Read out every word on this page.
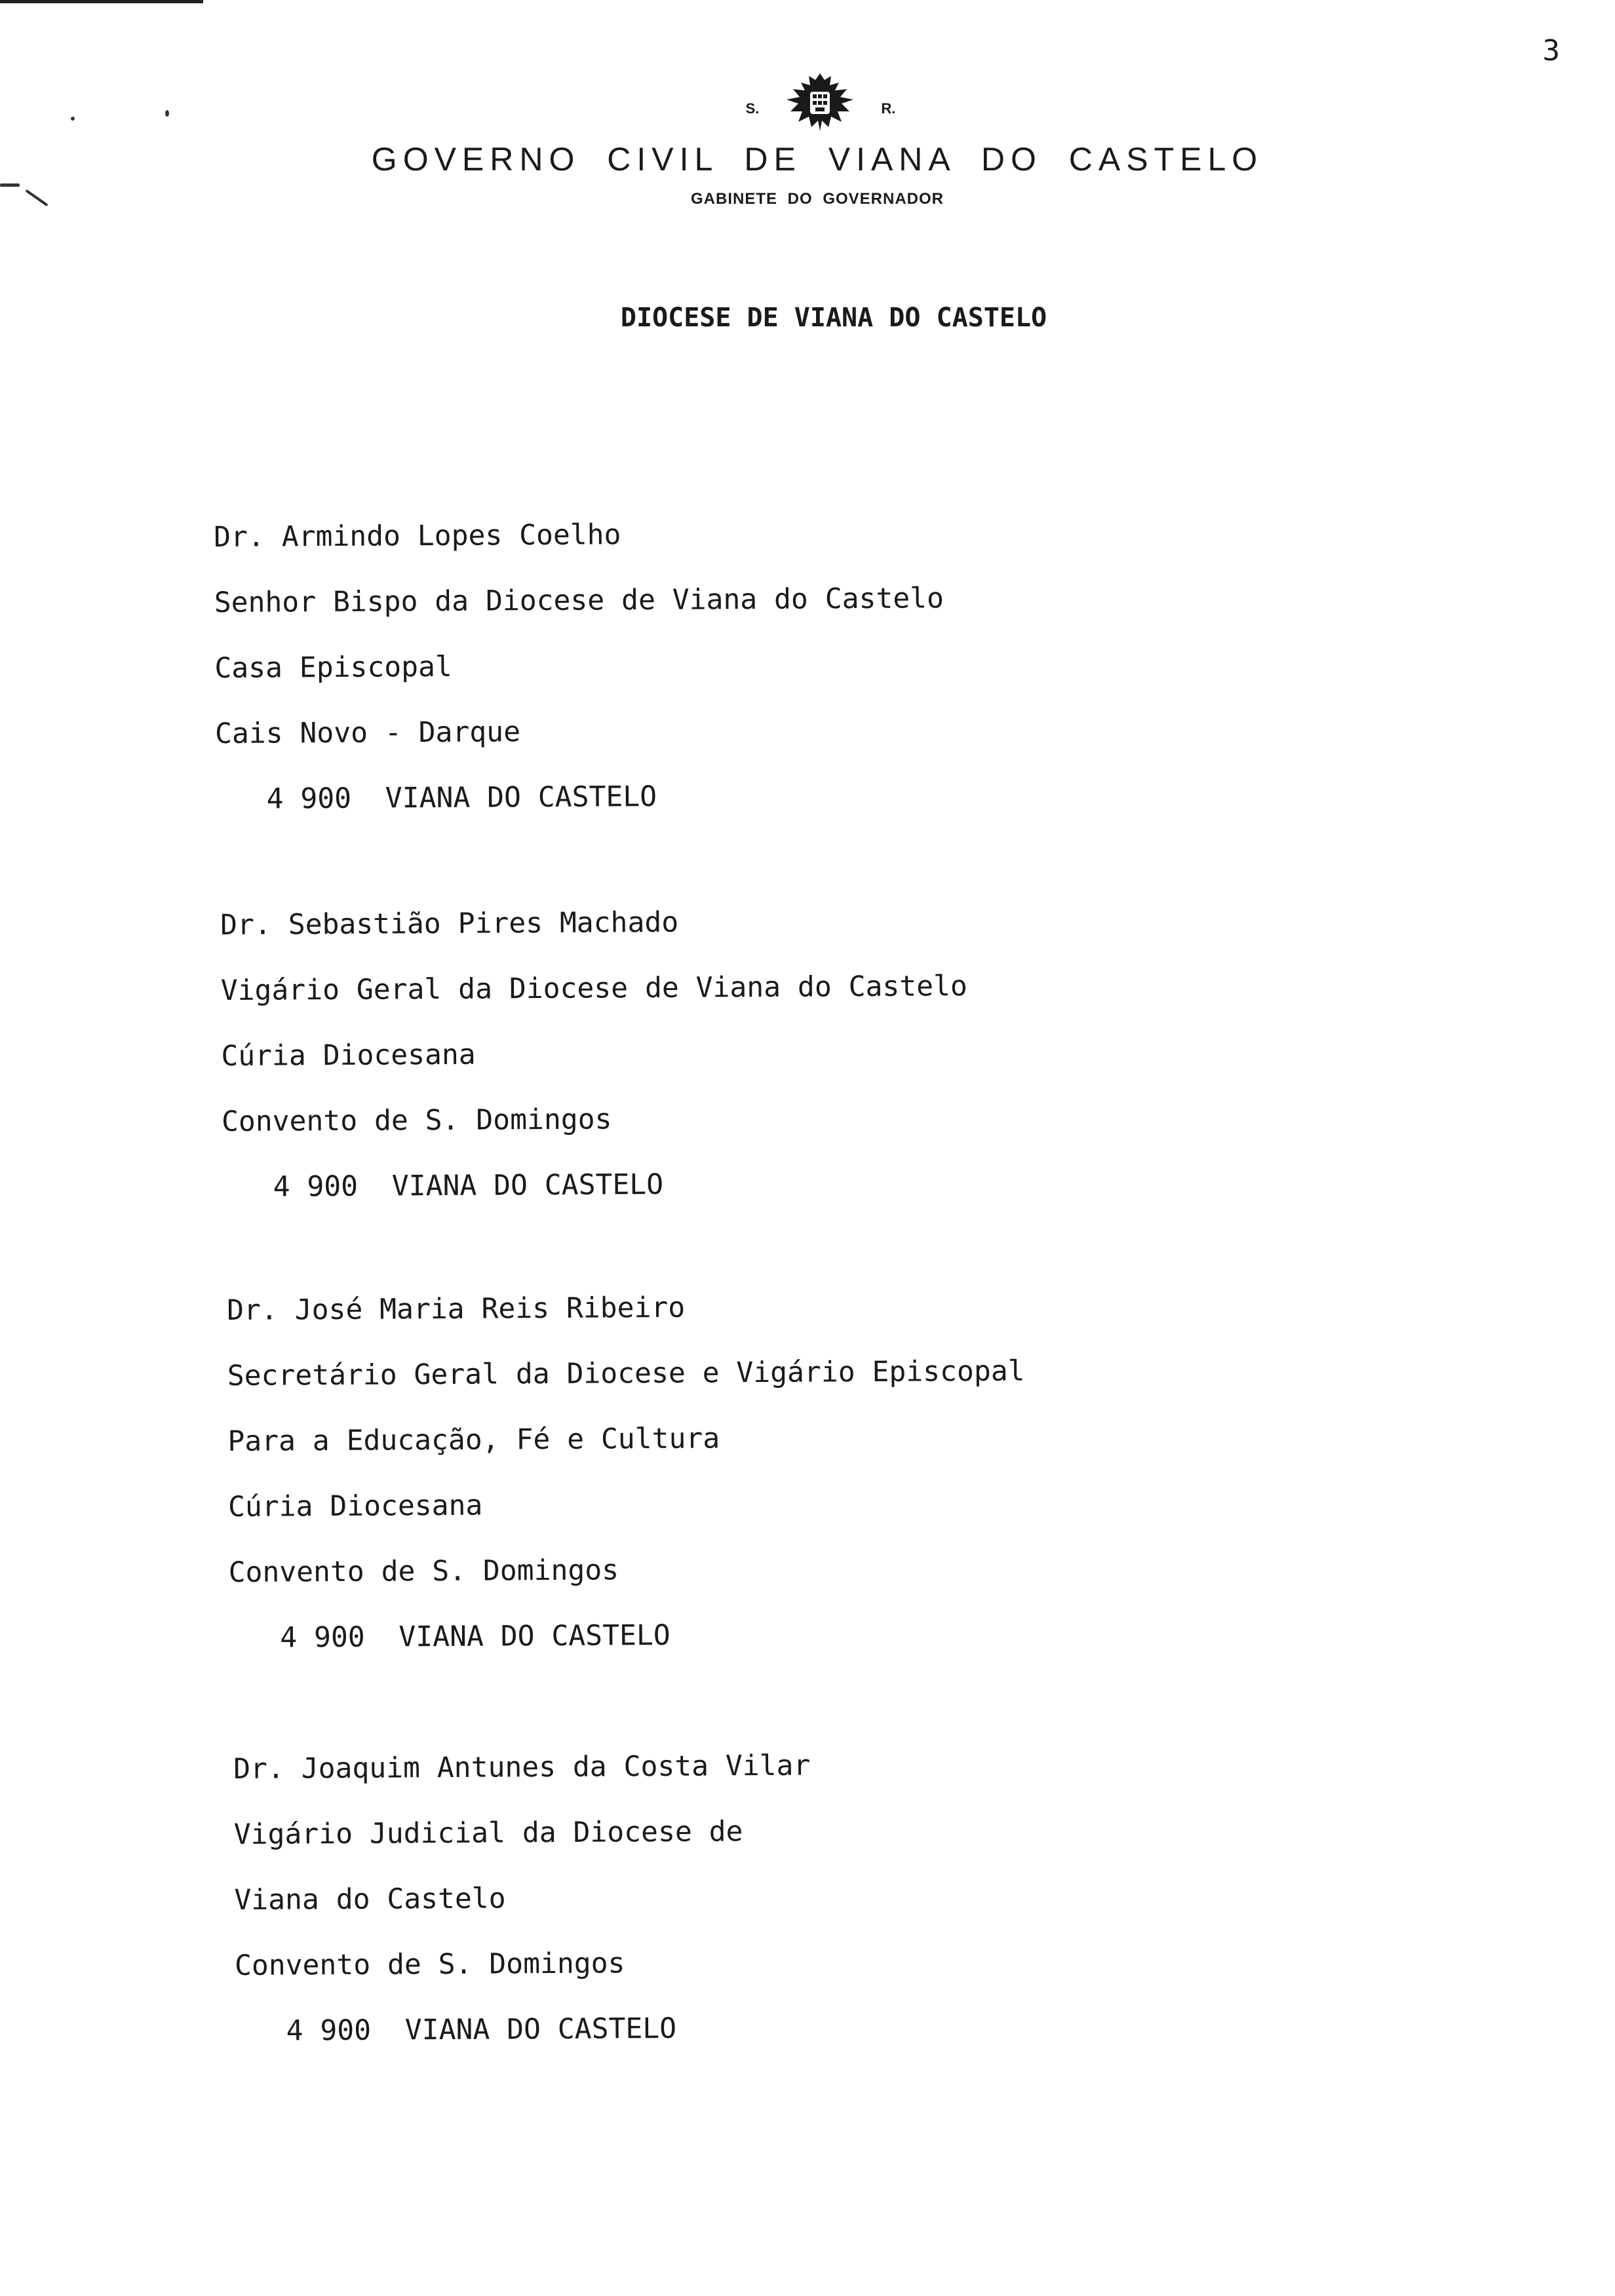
3
S.	R.
GOVERNO CIVIL DE VIANA DO CASTELO
GABINETE DO GOVERNADOR
DIOCESE DE VIANA DO CASTELO
Dr. Armindo Lopes Coelho
Senhor Bispo da Diocese de Viana do Castelo
Casa Episcopal
Cais Novo - Darque
4 900  VIANA DO CASTELO
Dr. Sebastião Pires Machado
Vigário Geral da Diocese de Viana do Castelo
Cúria Diocesana
Convento de S. Domingos
4 900  VIANA DO CASTELO
Dr. José Maria Reis Ribeiro
Secretário Geral da Diocese e Vigário Episcopal
Para a Educação, Fé e Cultura
Cúria Diocesana
Convento de S. Domingos
4 900  VIANA DO CASTELO
Dr. Joaquim Antunes da Costa Vilar
Vigário Judicial da Diocese de
Viana do Castelo
Convento de S. Domingos
4 900  VIANA DO CASTELO
